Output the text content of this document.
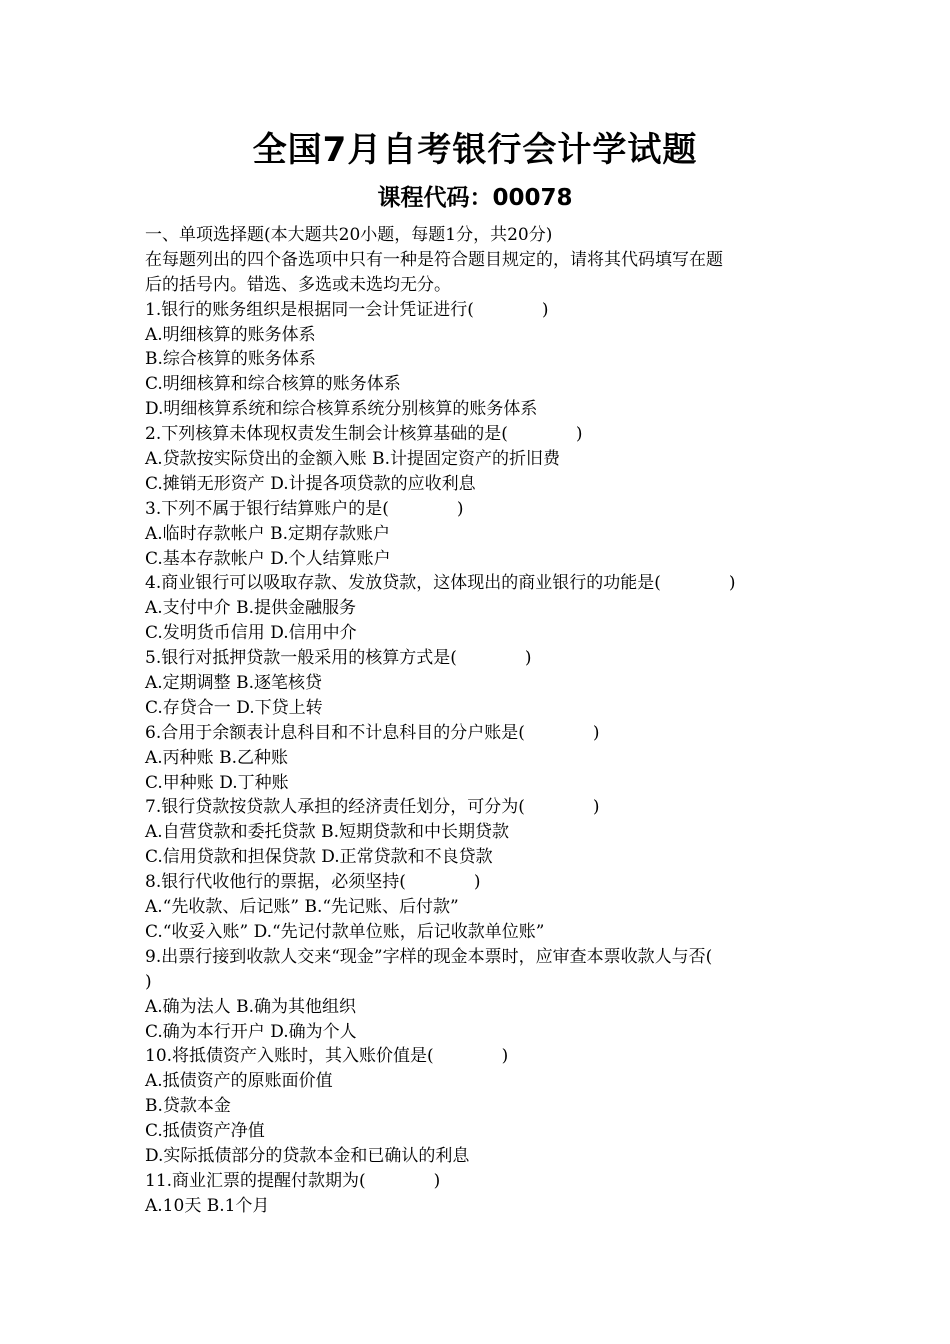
全国7月自考银行会计学试题
课程代码：00078
一、单项选择题(本大题共20小题，每题1分，共20分)
在每题列出的四个备选项中只有一种是符合题目规定的，请将其代码填写在题
后的括号内。错选、多选或未选均无分。
1.银行的账务组织是根据同一会计凭证进行(　　　　)
A.明细核算的账务体系
B.综合核算的账务体系
C.明细核算和综合核算的账务体系
D.明细核算系统和综合核算系统分别核算的账务体系
2.下列核算未体现权责发生制会计核算基础的是(　　　　)
A.贷款按实际贷出的金额入账 B.计提固定资产的折旧费
C.摊销无形资产 D.计提各项贷款的应收利息
3.下列不属于银行结算账户的是(　　　　)
A.临时存款帐户 B.定期存款账户
C.基本存款帐户 D.个人结算账户
4.商业银行可以吸取存款、发放贷款，这体现出的商业银行的功能是(　　　　)
A.支付中介 B.提供金融服务
C.发明货币信用 D.信用中介
5.银行对抵押贷款一般采用的核算方式是(　　　　)
A.定期调整 B.逐笔核贷
C.存贷合一 D.下贷上转
6.合用于余额表计息科目和不计息科目的分户账是(　　　　)
A.丙种账 B.乙种账
C.甲种账 D.丁种账
7.银行贷款按贷款人承担的经济责任划分，可分为(　　　　)
A.自营贷款和委托贷款 B.短期贷款和中长期贷款
C.信用贷款和担保贷款 D.正常贷款和不良贷款
8.银行代收他行的票据，必须坚持(　　　　)
A.“先收款、后记账” B.“先记账、后付款”
C.“收妥入账” D.“先记付款单位账，后记收款单位账”
9.出票行接到收款人交来“现金”字样的现金本票时，应审查本票收款人与否(
)
A.确为法人 B.确为其他组织
C.确为本行开户 D.确为个人
10.将抵债资产入账时，其入账价值是(　　　　)
A.抵债资产的原账面价值
B.贷款本金
C.抵债资产净值
D.实际抵债部分的贷款本金和已确认的利息
11.商业汇票的提醒付款期为(　　　　)
A.10天 B.1个月
